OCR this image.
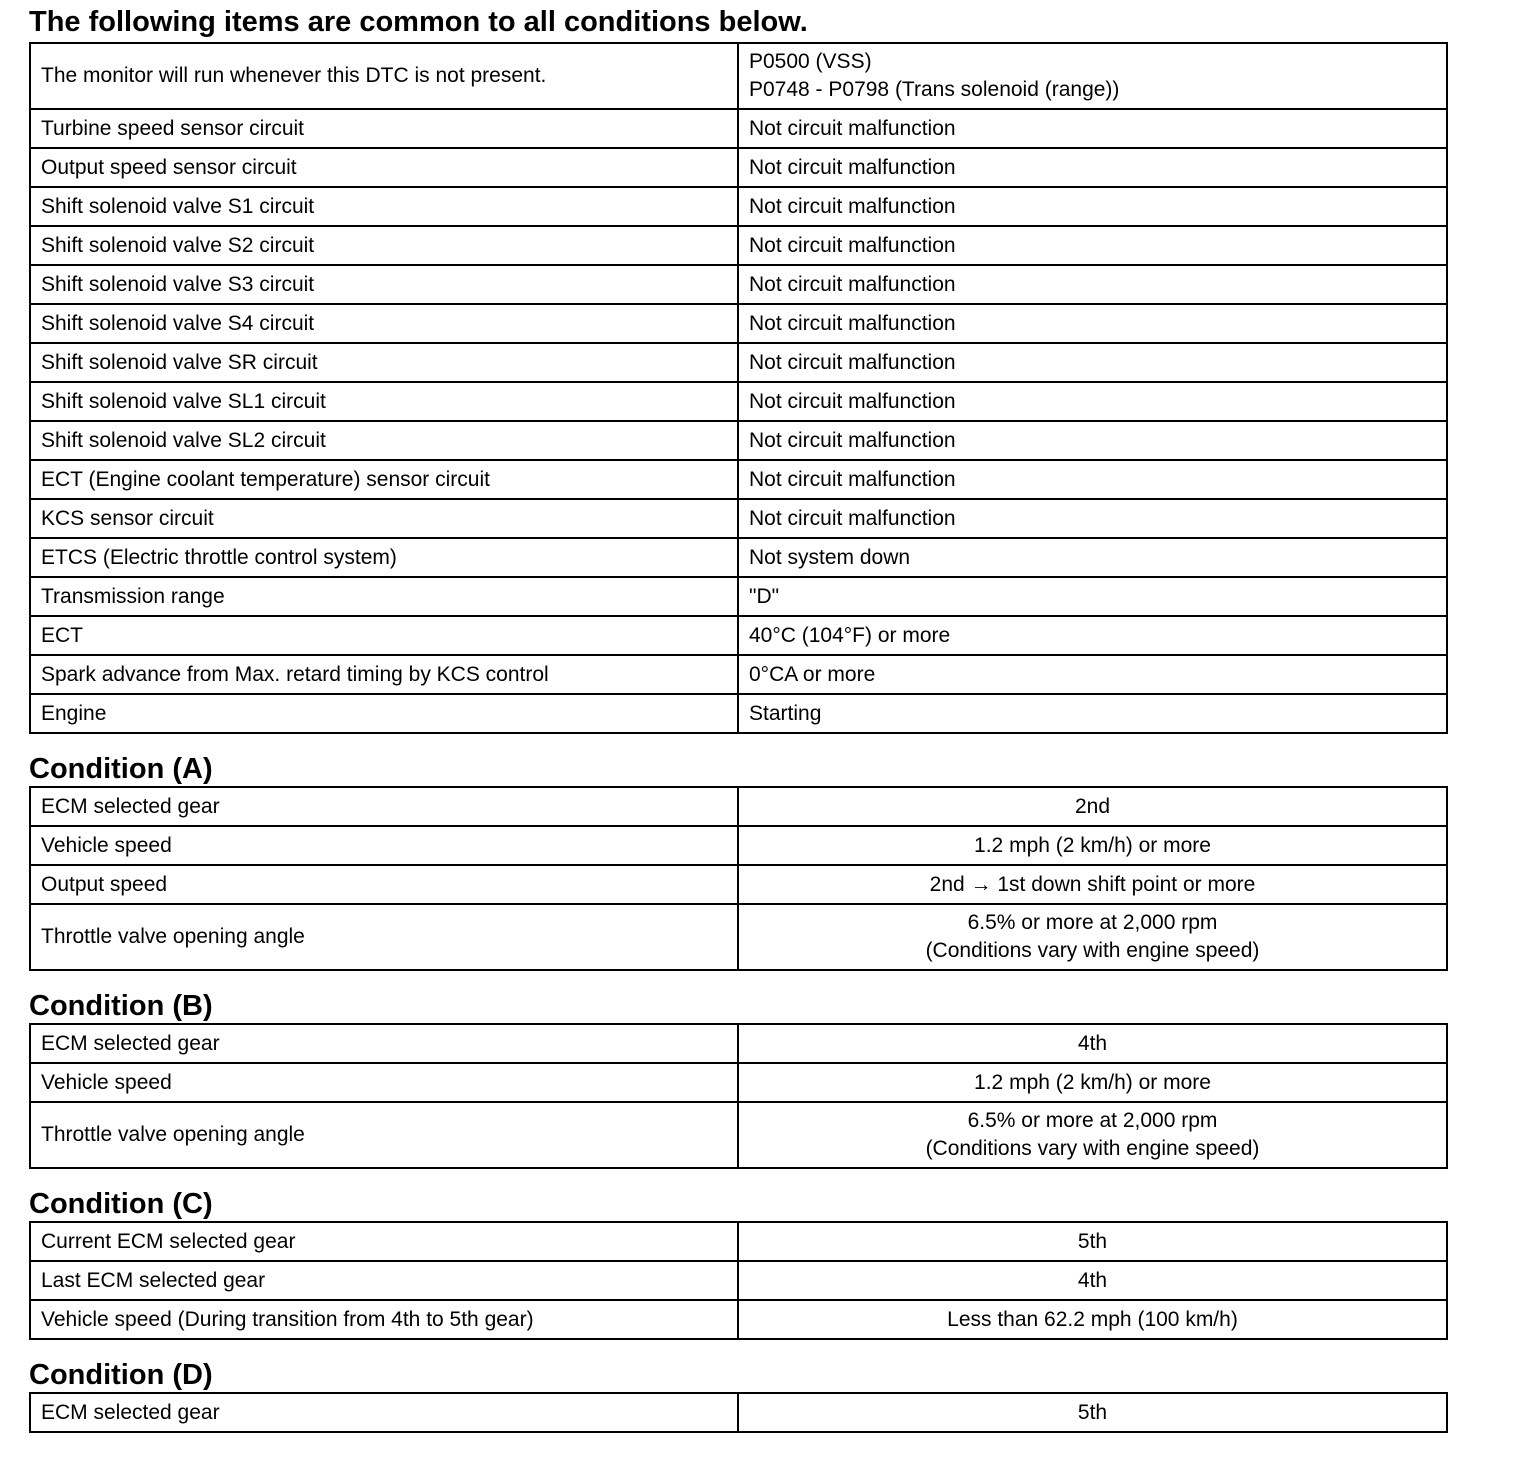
The following items are common to all conditions below.
The monitor will run whenever this DTC is not present.	P0500 (VSS)
P0748 - P0798 (Trans solenoid (range))
Turbine speed sensor circuit	Not circuit malfunction
Output speed sensor circuit	Not circuit malfunction
Shift solenoid valve S1 circuit	Not circuit malfunction
Shift solenoid valve S2 circuit	Not circuit malfunction
Shift solenoid valve S3 circuit	Not circuit malfunction
Shift solenoid valve S4 circuit	Not circuit malfunction
Shift solenoid valve SR circuit	Not circuit malfunction
Shift solenoid valve SL1 circuit	Not circuit malfunction
Shift solenoid valve SL2 circuit	Not circuit malfunction
ECT (Engine coolant temperature) sensor circuit	Not circuit malfunction
KCS sensor circuit	Not circuit malfunction
ETCS (Electric throttle control system)	Not system down
Transmission range	"D"
ECT	40°C (104°F) or more
Spark advance from Max. retard timing by KCS control	0°CA or more
Engine	Starting
Condition (A)
ECM selected gear	2nd
Vehicle speed	1.2 mph (2 km/h) or more
Output speed	2nd → 1st down shift point or more
Throttle valve opening angle	6.5% or more at 2,000 rpm
(Conditions vary with engine speed)
Condition (B)
ECM selected gear	4th
Vehicle speed	1.2 mph (2 km/h) or more
Throttle valve opening angle	6.5% or more at 2,000 rpm
(Conditions vary with engine speed)
Condition (C)
Current ECM selected gear	5th
Last ECM selected gear	4th
Vehicle speed (During transition from 4th to 5th gear)	Less than 62.2 mph (100 km/h)
Condition (D)
ECM selected gear	5th
